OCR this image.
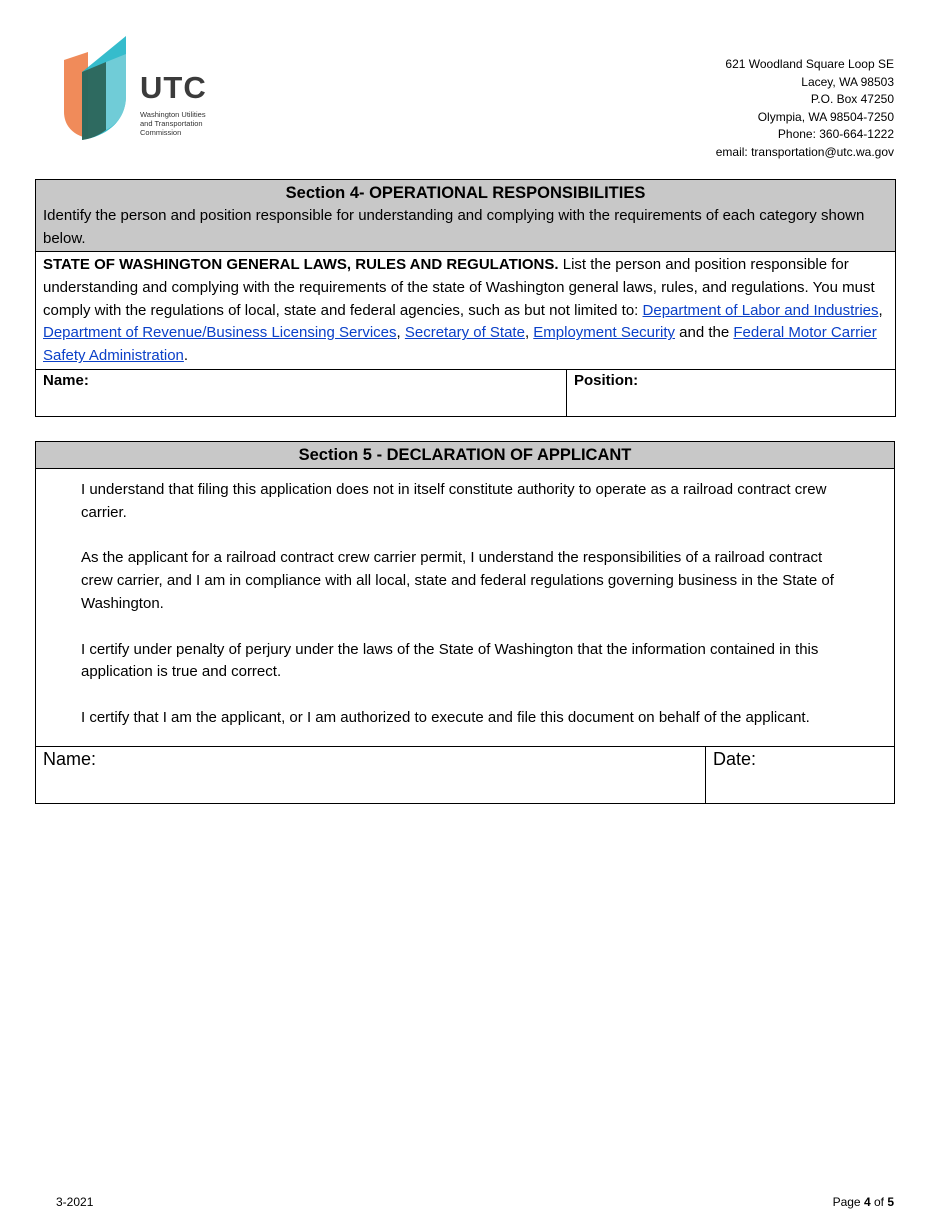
UTC
Washington Utilities
and Transportation
Commission
621 Woodland Square Loop SE
Lacey, WA 98503
P.O. Box 47250
Olympia, WA 98504-7250
Phone: 360-664-1222
email: transportation@utc.wa.gov
Section 4- OPERATIONAL RESPONSIBILITIES
Identify the person and position responsible for understanding and complying with the requirements of each category shown below.

STATE OF WASHINGTON GENERAL LAWS, RULES AND REGULATIONS. List the person and position responsible for understanding and complying with the requirements of the state of Washington general laws, rules, and regulations. You must comply with the regulations of local, state and federal agencies, such as but not limited to: Department of Labor and Industries, Department of Revenue/Business Licensing Services, Secretary of State, Employment Security and the Federal Motor Carrier Safety Administration.
Name:	Position:
Section 5 - DECLARATION OF APPLICANT

I understand that filing this application does not in itself constitute authority to operate as a railroad contract crew carrier.

As the applicant for a railroad contract crew carrier permit, I understand the responsibilities of a railroad contract crew carrier, and I am in compliance with all local, state and federal regulations governing business in the State of Washington.

I certify under penalty of perjury under the laws of the State of Washington that the information contained in this application is true and correct.

I certify that I am the applicant, or I am authorized to execute and file this document on behalf of the applicant.

Name:	Date:
3-2021	Page 4 of 5
